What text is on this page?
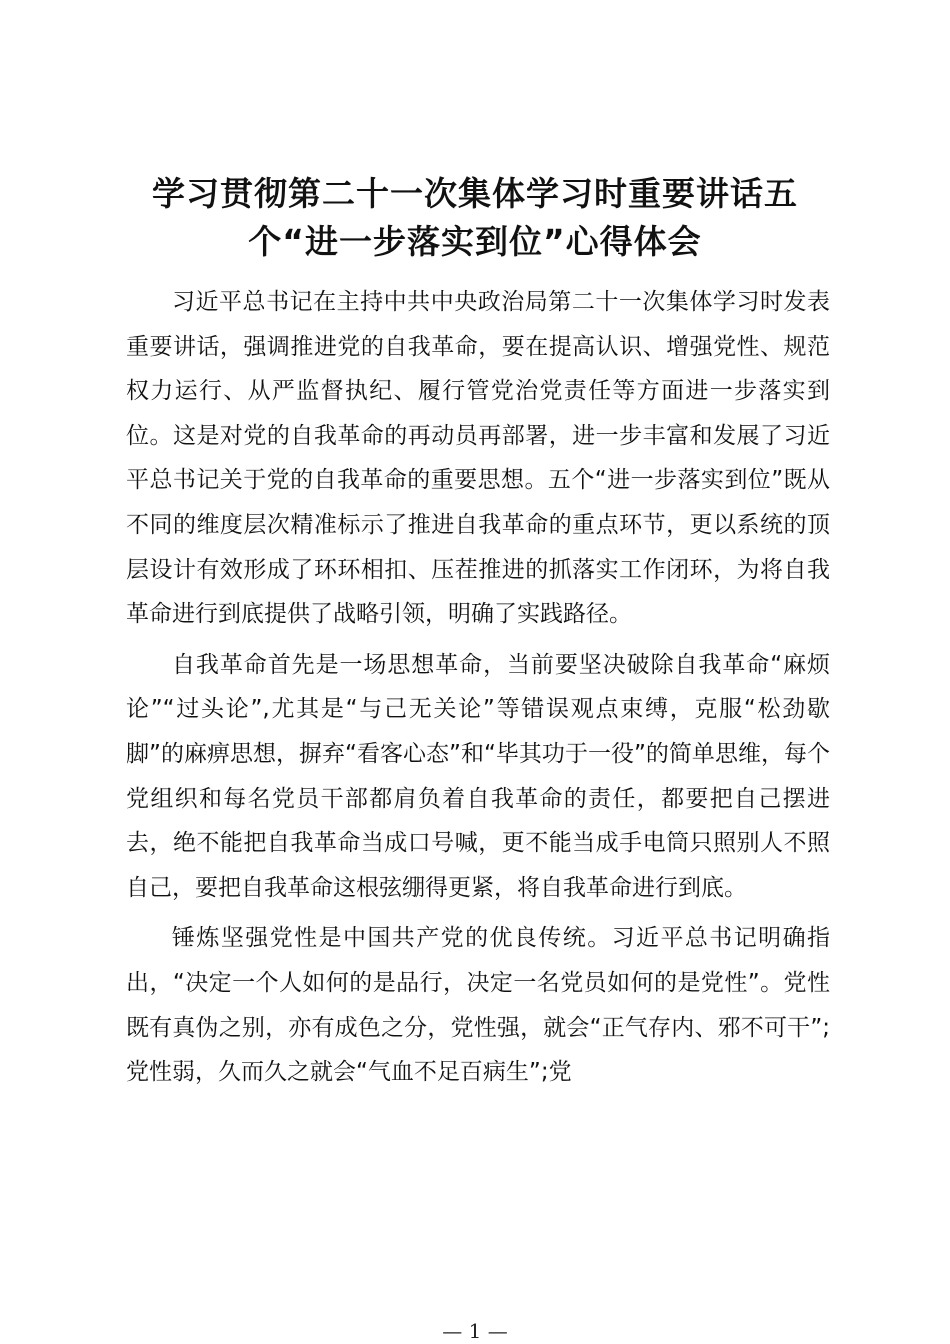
学习贯彻第二十一次集体学习时重要讲话五
个“进一步落实到位”心得体会

习近平总书记在主持中共中央政治局第二十一次集体学习时发表重要讲话，强调推进党的自我革命，要在提高认识、增强党性、规范权力运行、从严监督执纪、履行管党治党责任等方面进一步落实到位。这是对党的自我革命的再动员再部署，进一步丰富和发展了习近平总书记关于党的自我革命的重要思想。五个“进一步落实到位”既从不同的维度层次精准标示了推进自我革命的重点环节，更以系统的顶层设计有效形成了环环相扣、压茬推进的抓落实工作闭环，为将自我革命进行到底提供了战略引领，明确了实践路径。

自我革命首先是一场思想革命，当前要坚决破除自我革命“麻烦论”“过头论”,尤其是“与己无关论”等错误观点束缚，克服“松劲歇脚”的麻痹思想，摒弃“看客心态”和“毕其功于一役”的简单思维，每个党组织和每名党员干部都肩负着自我革命的责任，都要把自己摆进去，绝不能把自我革命当成口号喊，更不能当成手电筒只照别人不照自己，要把自我革命这根弦绷得更紧，将自我革命进行到底。

锤炼坚强党性是中国共产党的优良传统。习近平总书记明确指出，“决定一个人如何的是品行，决定一名党员如何的是党性”。党性既有真伪之别，亦有成色之分，党性强，就会“正气存内、邪不可干”;党性弱，久而久之就会“气血不足百病生”;党

— 1 —
